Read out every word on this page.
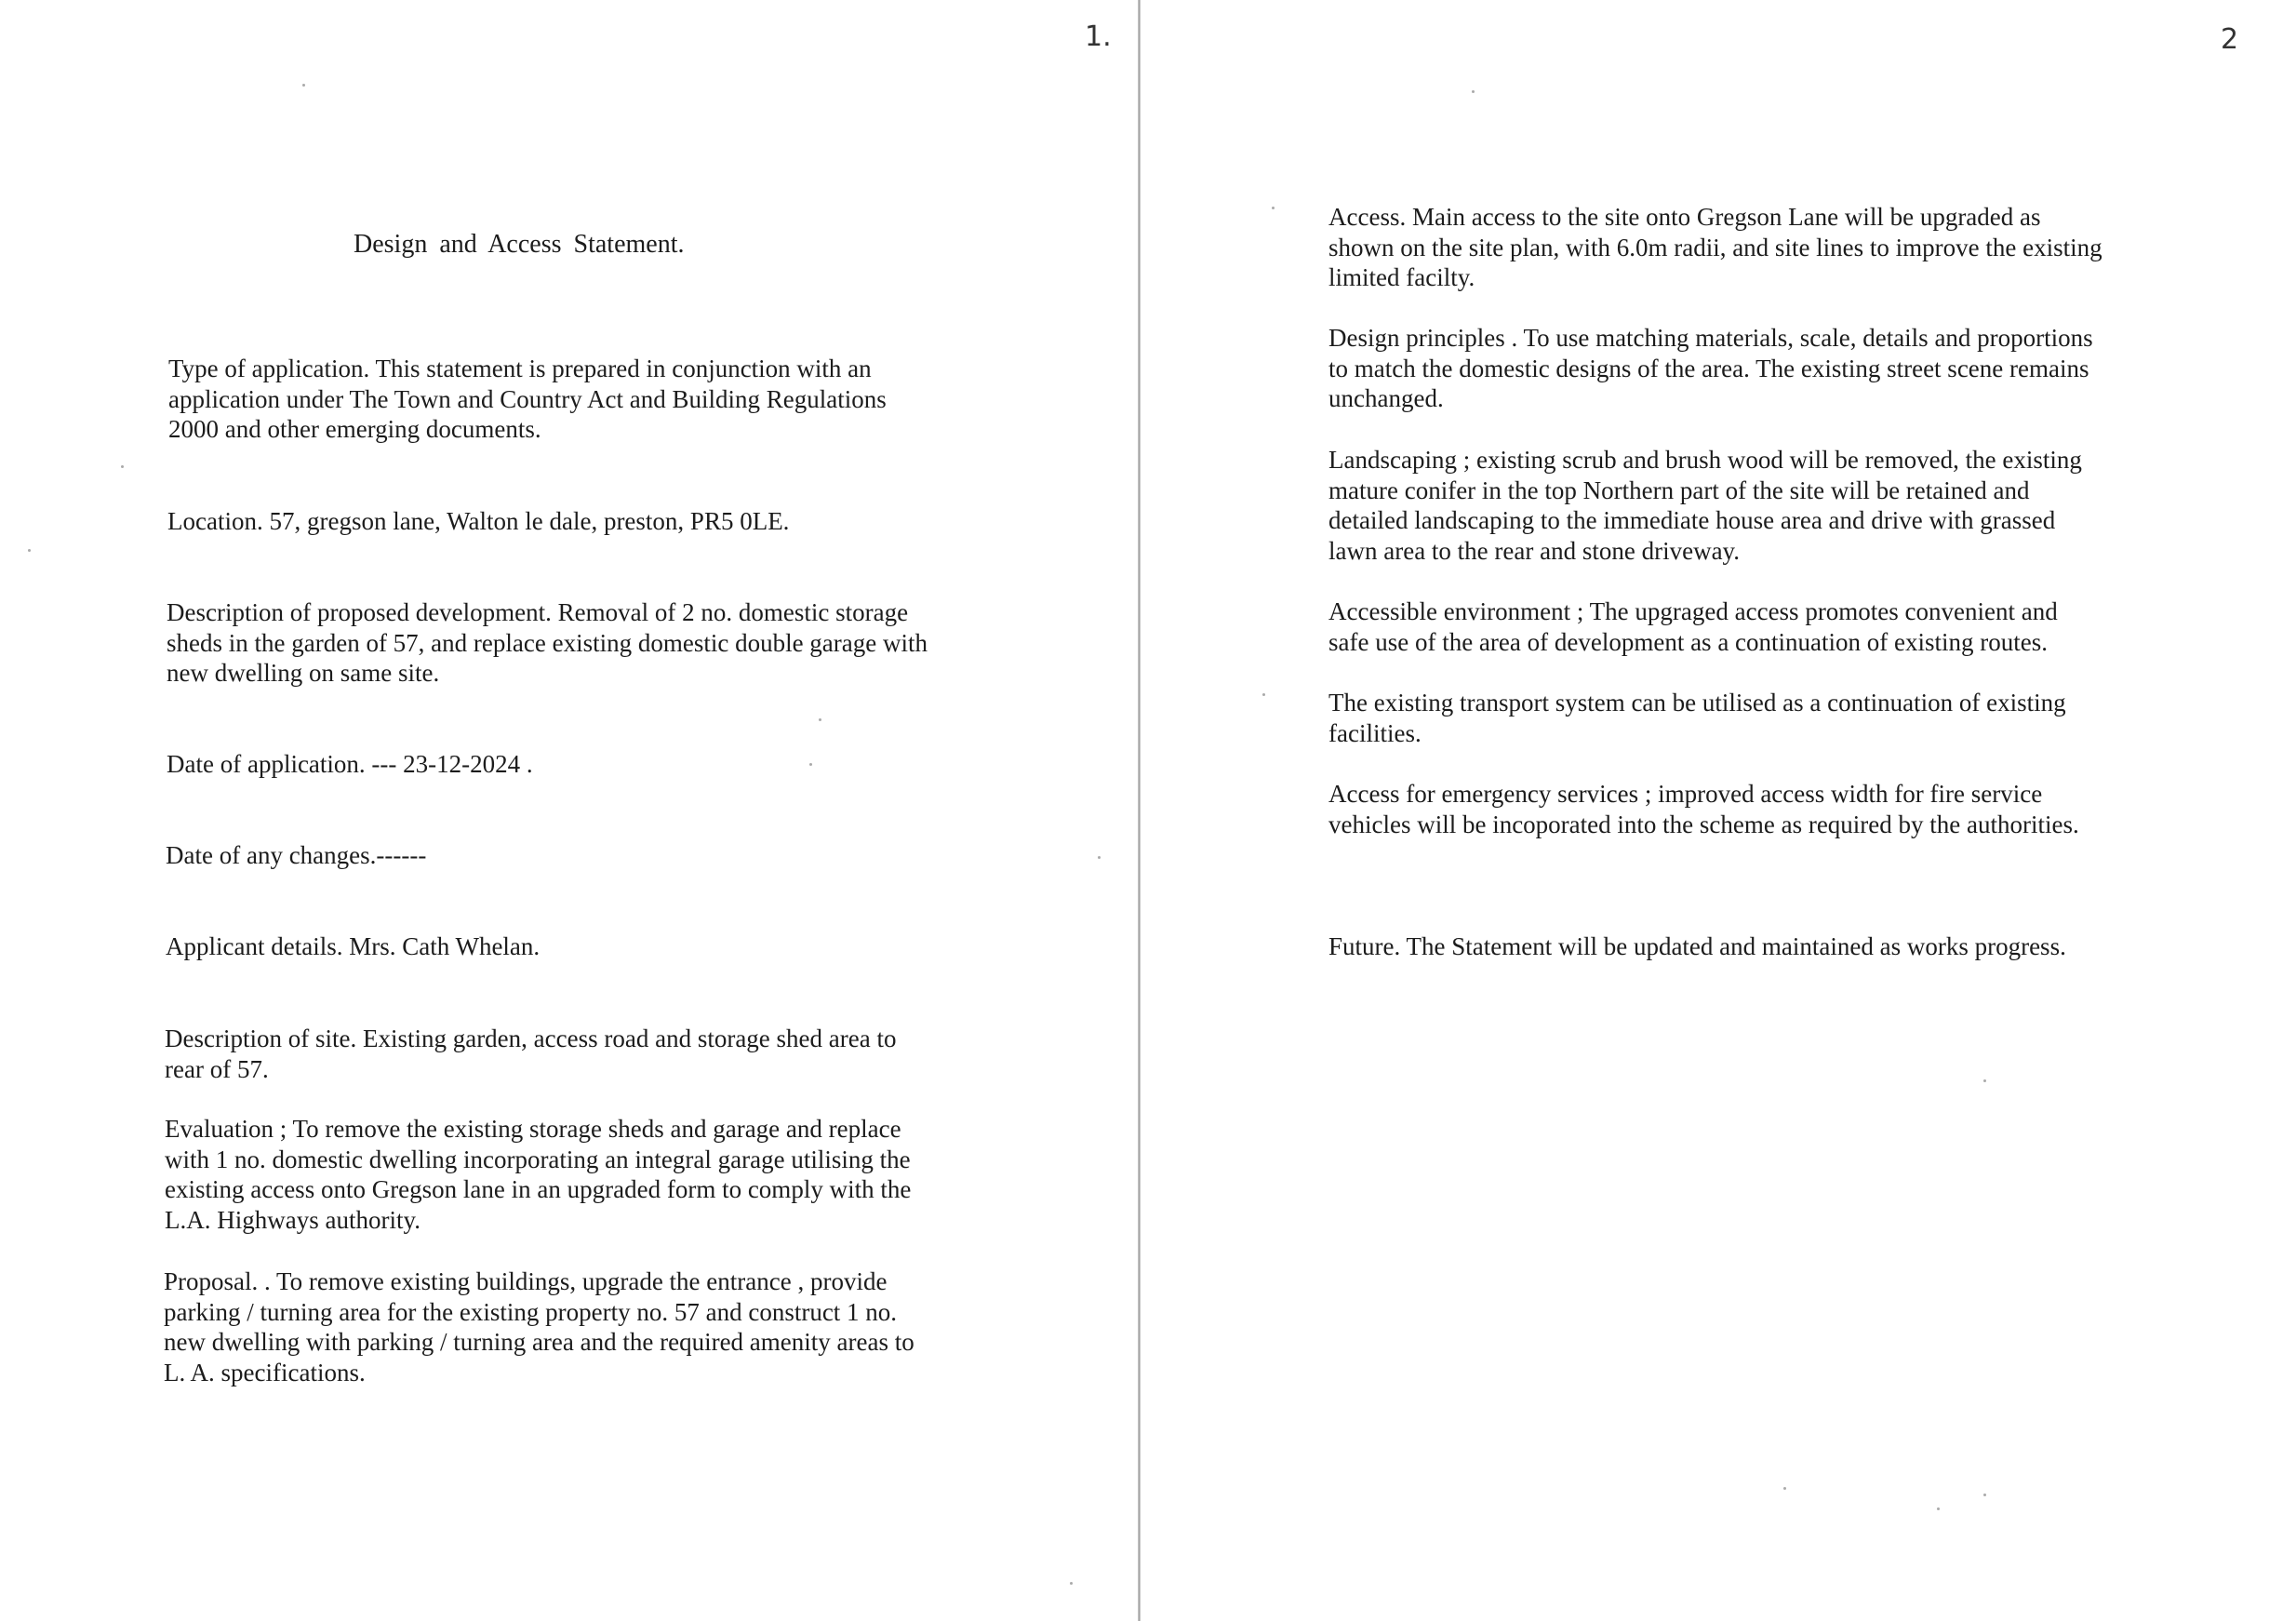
1.
Design and Access Statement.

Type of application. This statement is prepared in conjunction with an
application under The Town and Country Act and Building Regulations
2000 and other emerging documents.

Location. 57, gregson lane, Walton le dale, preston, PR5 0LE.

Description of proposed development. Removal of 2 no. domestic storage
sheds in the garden of 57, and replace existing domestic double garage with
new dwelling on same site.

Date of application. --- 23-12-2024 .

Date of any changes.------

Applicant details. Mrs. Cath Whelan.

Description of site. Existing garden, access road and storage shed area to
rear of 57.

Evaluation ; To remove the existing storage sheds and garage and replace
with 1 no. domestic dwelling incorporating an integral garage utilising the
existing access onto Gregson lane in an upgraded form to comply with the
L.A. Highways authority.

Proposal. . To remove existing buildings, upgrade the entrance , provide
parking / turning area for the existing property no. 57 and construct 1 no.
new dwelling with parking / turning area and the required amenity areas to
L. A. specifications.

2

Access. Main access to the site onto Gregson Lane will be upgraded as
shown on the site plan, with 6.0m radii, and site lines to improve the existing
limited facilty.

Design principles . To use matching materials, scale, details and proportions
to match the domestic designs of the area. The existing street scene remains
unchanged.

Landscaping ; existing scrub and brush wood will be removed, the existing
mature conifer in the top Northern part of the site will be retained and
detailed landscaping to the immediate house area and drive with grassed
lawn area to the rear and stone driveway.

Accessible environment ; The upgraged access promotes convenient and
safe use of the area of development as a continuation of existing routes.

The existing transport system can be utilised as a continuation of existing
facilities.

Access for emergency services ; improved access width for fire service
vehicles will be incoporated into the scheme as required by the authorities.

Future. The Statement will be updated and maintained as works progress.
